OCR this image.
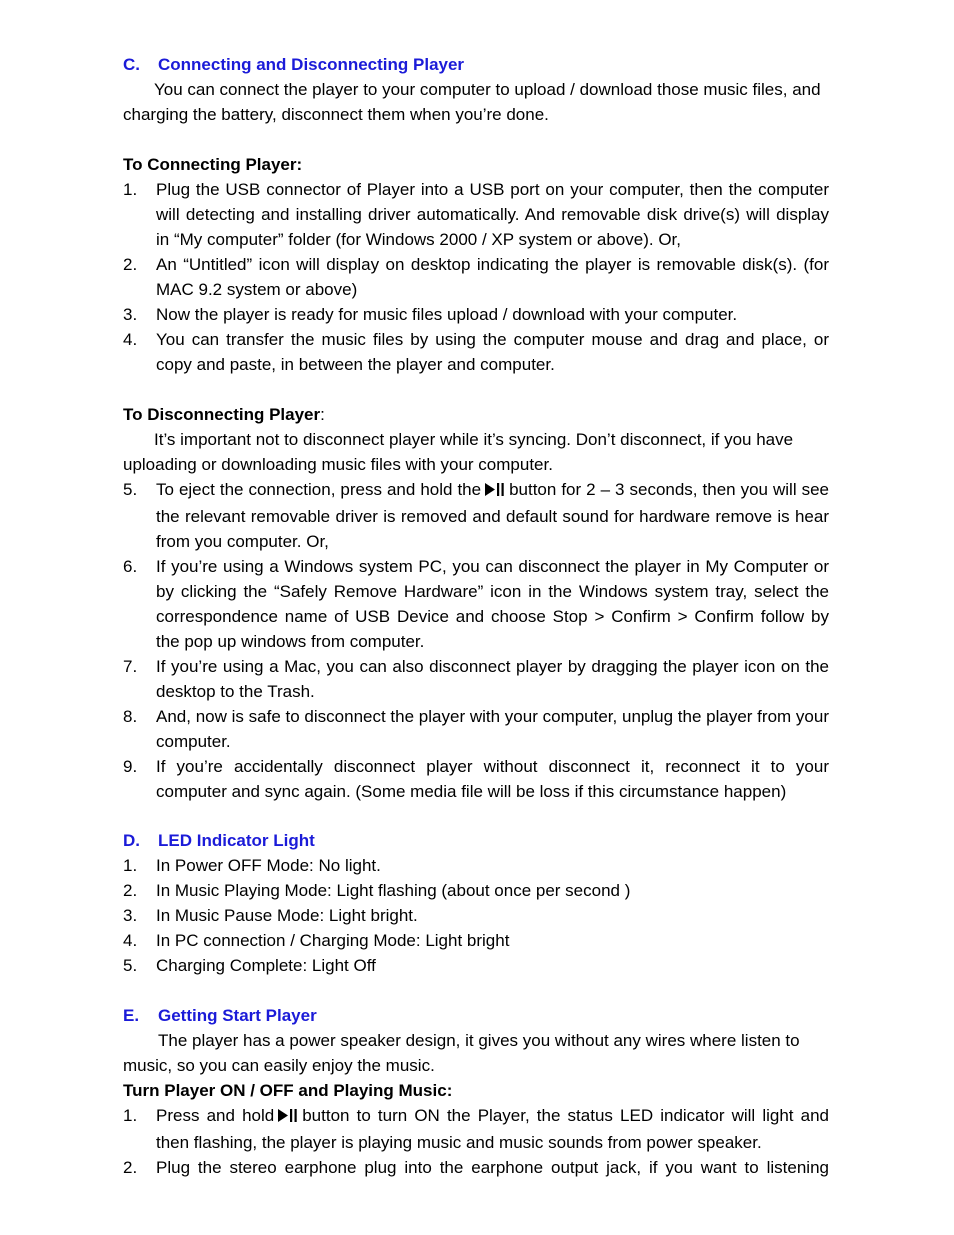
C.	Connecting and Disconnecting Player
You can connect the player to your computer to upload / download those music files, and charging the battery, disconnect them when you’re done.
To Connecting Player:
1.	Plug the USB connector of Player into a USB port on your computer, then the computer will detecting and installing driver automatically. And removable disk drive(s) will display in “My computer” folder (for Windows 2000 / XP system or above). Or,
2.	An “Untitled” icon will display on desktop indicating the player is removable disk(s). (for MAC 9.2 system or above)
3.	Now the player is ready for music files upload / download with your computer.
4.	You can transfer the music files by using the computer mouse and drag and place, or copy and paste, in between the player and computer.
To Disconnecting Player:
It’s important not to disconnect player while it’s syncing. Don’t disconnect, if you have uploading or downloading music files with your computer.
5.	To eject the connection, press and hold the button for 2 – 3 seconds, then you will see the relevant removable driver is removed and default sound for hardware remove is hear from you computer. Or,
6.	If you’re using a Windows system PC, you can disconnect the player in My Computer or by clicking the “Safely Remove Hardware” icon in the Windows system tray, select the correspondence name of USB Device and choose Stop > Confirm > Confirm follow by the pop up windows from computer.
7.	If you’re using a Mac, you can also disconnect player by dragging the player icon on the desktop to the Trash.
8.	And, now is safe to disconnect the player with your computer, unplug the player from your computer.
9.	If you’re accidentally disconnect player without disconnect it, reconnect it to your computer and sync again. (Some media file will be loss if this circumstance happen)
D.	LED Indicator Light
1.	In Power OFF Mode: No light.
2.	In Music Playing Mode: Light flashing (about once per second )
3.	In Music Pause Mode: Light bright.
4.	In PC connection / Charging Mode: Light bright
5.	Charging Complete: Light Off
E.	Getting Start Player
The player has a power speaker design, it gives you without any wires where listen to music, so you can easily enjoy the music.
Turn Player ON / OFF and Playing Music:
1.	Press and hold button to turn ON the Player, the status LED indicator will light and then flashing, the player is playing music and music sounds from power speaker.
2.	Plug the stereo earphone plug into the earphone output jack, if you want to listening
